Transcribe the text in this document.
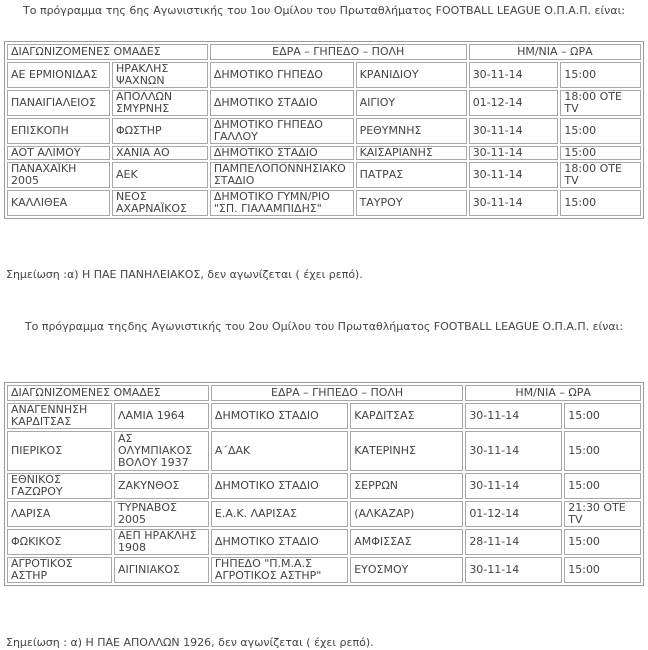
Το πρόγραμμα της 6ης Αγωνιστικής του 1ου Ομίλου του Πρωταθλήματος FOOTBALL LEAGUE Ο.Π.Α.Π. είναι:
ΔΙΑΓΩΝΙΖΟΜΕΝΕΣ ΟΜΑΔΕΣ		ΕΔΡΑ – ΓΗΠΕΔΟ – ΠΟΛΗ		ΗΜ/ΝΙΑ – ΩΡΑ	
ΑΕ ΕΡΜΙΟΝΙΔΑΣ	ΗΡΑΚΛΗΣ ΨΑΧΝΩΝ	ΔΗΜΟΤΙΚΟ ΓΗΠΕΔΟ	ΚΡΑΝΙΔΙΟΥ	30-11-14	15:00
ΠΑΝΑΙΓΙΑΛΕΙΟΣ	ΑΠΟΛΛΩΝ ΣΜΥΡΝΗΣ	ΔΗΜΟΤΙΚΟ ΣΤΑΔΙΟ	ΑΙΓΙΟΥ	01-12-14	18:00 ΟΤΕ TV
ΕΠΙΣΚΟΠΗ	ΦΩΣΤΗΡ	ΔΗΜΟΤΙΚΟ ΓΗΠΕΔΟ ΓΑΛΛΟΥ	ΡΕΘΥΜΝΗΣ	30-11-14	15:00
ΑΟΤ ΑΛΙΜΟΥ	ΧΑΝΙΑ ΑΟ	ΔΗΜΟΤΙΚΟ ΣΤΑΔΙΟ	ΚΑΙΣΑΡΙΑΝΗΣ	30-11-14	15:00
ΠΑΝΑΧΑΪΚΗ 2005	ΑΕΚ	ΠΑΜΠΕΛΟΠΟΝΝΗΣΙΑΚΟ ΣΤΑΔΙΟ	ΠΑΤΡΑΣ	30-11-14	18:00 ΟΤΕ TV
ΚΑΛΛΙΘΕΑ	ΝΕΟΣ ΑΧΑΡΝΑΪΚΟΣ	ΔΗΜΟΤΙΚΟ ΓΥΜΝ/ΡΙΟ "ΣΠ. ΓΙΑΛΑΜΠΙΔΗΣ"	ΤΑΥΡΟΥ	30-11-14	15:00
Σημείωση :α) Η ΠΑΕ ΠΑΝΗΛΕΙΑΚΟΣ, δεν αγωνίζεται ( έχει ρεπό).
Το πρόγραμμα τηςδης Αγωνιστικής του 2ου Ομίλου του Πρωταθλήματος FOOTBALL LEAGUE Ο.Π.Α.Π. είναι:
ΔΙΑΓΩΝΙΖΟΜΕΝΕΣ ΟΜΑΔΕΣ		ΕΔΡΑ – ΓΗΠΕΔΟ – ΠΟΛΗ		ΗΜ/ΝΙΑ – ΩΡΑ	
ΑΝΑΓΕΝΝΗΣΗ ΚΑΡΔΙΤΣΑΣ	ΛΑΜΙΑ 1964	ΔΗΜΟΤΙΚΟ ΣΤΑΔΙΟ	ΚΑΡΔΙΤΣΑΣ	30-11-14	15:00
ΠΙΕΡΙΚΟΣ	ΑΣ ΟΛΥΜΠΙΑΚΟΣ ΒΟΛΟΥ 1937	Α΄ΔΑΚ	ΚΑΤΕΡΙΝΗΣ	30-11-14	15:00
ΕΘΝΙΚΟΣ ΓΑΖΩΡΟΥ	ΖΑΚΥΝΘΟΣ	ΔΗΜΟΤΙΚΟ ΣΤΑΔΙΟ	ΣΕΡΡΩΝ	30-11-14	15:00
ΛΑΡΙΣΑ	ΤΥΡΝΑΒΟΣ 2005	Ε.Α.Κ. ΛΑΡΙΣΑΣ	(ΑΛΚΑΖΑΡ)	01-12-14	21:30 ΟΤΕ TV
ΦΩΚΙΚΟΣ	ΑΕΠ ΗΡΑΚΛΗΣ 1908	ΔΗΜΟΤΙΚΟ ΣΤΑΔΙΟ	ΑΜΦΙΣΣΑΣ	28-11-14	15:00
ΑΓΡΟΤΙΚΟΣ ΑΣΤΗΡ	ΑΙΓΙΝΙΑΚΟΣ	ΓΗΠΕΔΟ "Π.Μ.Α.Σ ΑΓΡΟΤΙΚΟΣ ΑΣΤΗΡ"	ΕΥΟΣΜΟΥ	30-11-14	15:00
Σημείωση : α) Η ΠΑΕ ΑΠΟΛΛΩΝ 1926, δεν αγωνίζεται ( έχει ρεπό).
